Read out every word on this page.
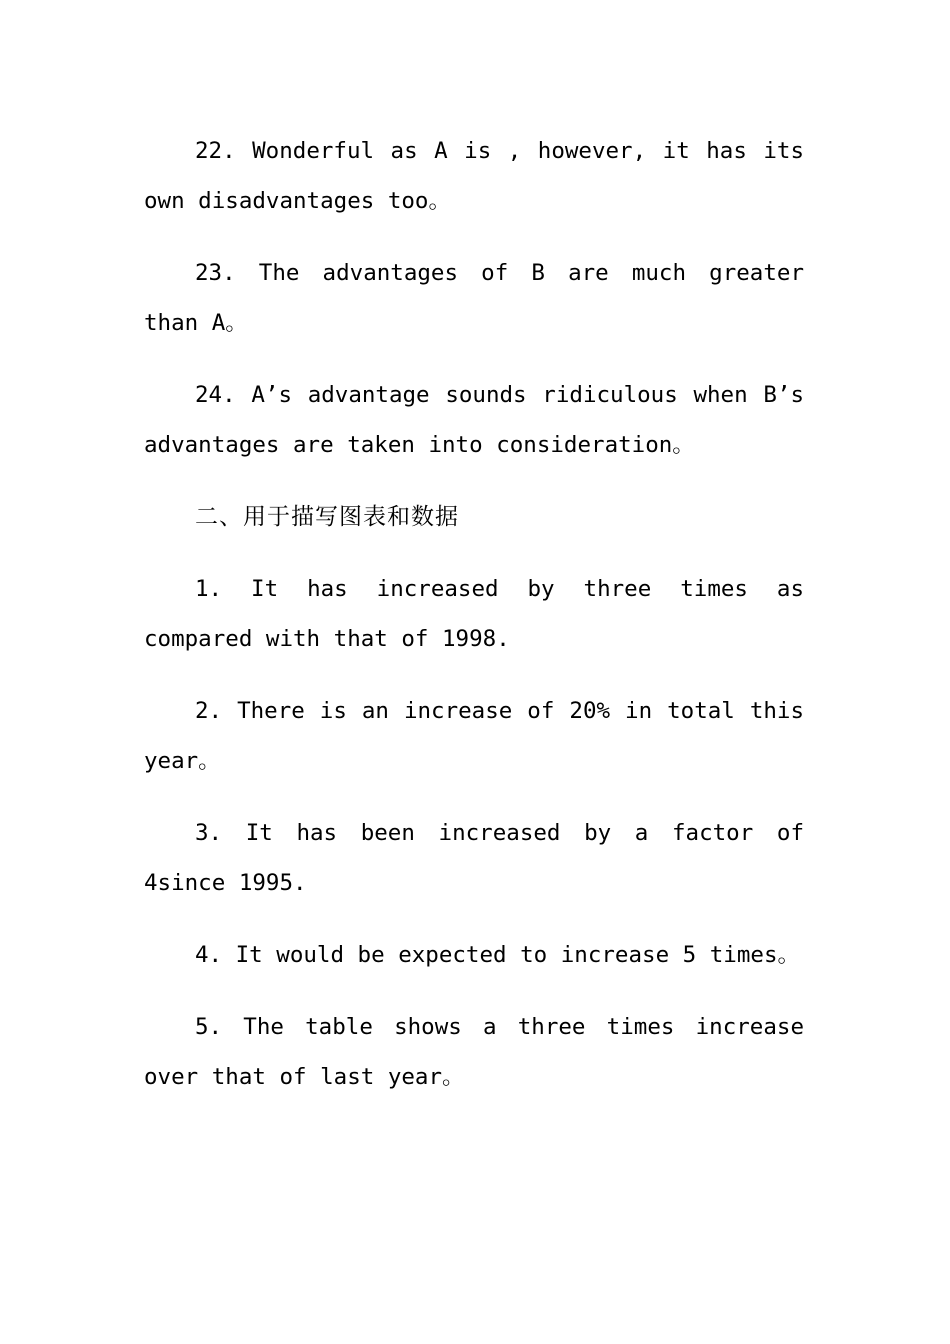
22. Wonderful as A is , however, it has its own disadvantages too。

23. The advantages of B are much greater than A。

24. A’s advantage sounds ridiculous when B’s advantages are taken into consideration。

二、用于描写图表和数据

1. It has increased by three times as compared with that of 1998.

2. There is an increase of 20% in total this year。

3. It has been increased by a factor of 4since 1995.

4. It would be expected to increase 5 times。

5. The table shows a three times increase over that of last year。
